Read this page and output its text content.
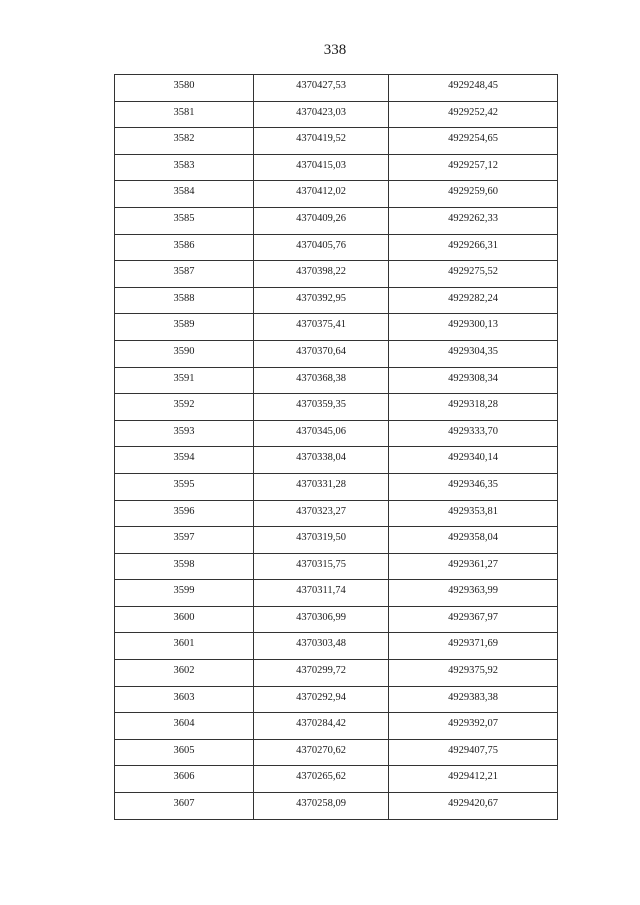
338
3580	4370427,53	4929248,45
3581	4370423,03	4929252,42
3582	4370419,52	4929254,65
3583	4370415,03	4929257,12
3584	4370412,02	4929259,60
3585	4370409,26	4929262,33
3586	4370405,76	4929266,31
3587	4370398,22	4929275,52
3588	4370392,95	4929282,24
3589	4370375,41	4929300,13
3590	4370370,64	4929304,35
3591	4370368,38	4929308,34
3592	4370359,35	4929318,28
3593	4370345,06	4929333,70
3594	4370338,04	4929340,14
3595	4370331,28	4929346,35
3596	4370323,27	4929353,81
3597	4370319,50	4929358,04
3598	4370315,75	4929361,27
3599	4370311,74	4929363,99
3600	4370306,99	4929367,97
3601	4370303,48	4929371,69
3602	4370299,72	4929375,92
3603	4370292,94	4929383,38
3604	4370284,42	4929392,07
3605	4370270,62	4929407,75
3606	4370265,62	4929412,21
3607	4370258,09	4929420,67
